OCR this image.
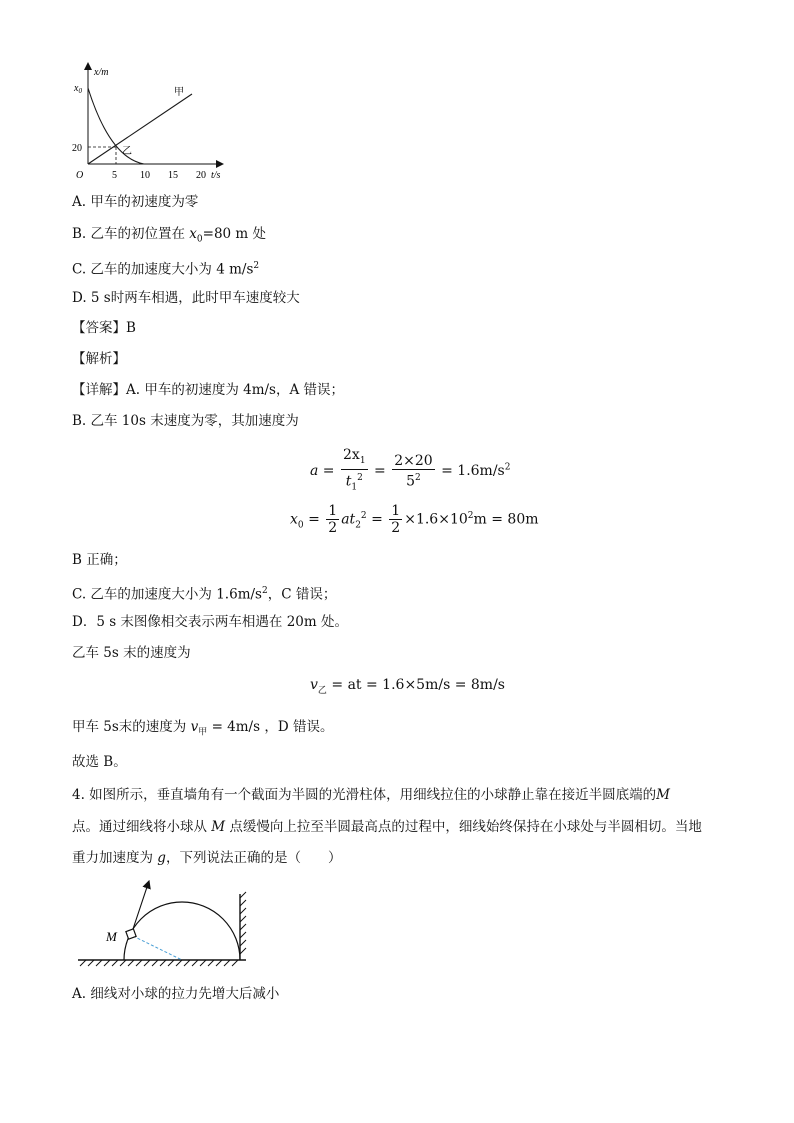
x/m
t/s
O
$x_0$
20
5 10 15 20
甲
乙
A. 甲车的初速度为零
B. 乙车的初位置在 $x_0=80$ m 处
C. 乙车的加速度大小为 4 $m/s^2$
D. 5 s时两车相遇，此时甲车速度较大
【答案】B
【解析】
【详解】A. 甲车的初速度为 4m/s，A 错误；
B. 乙车 10s 末速度为零，其加速度为
$a = \frac{2x_1}{t_1^2} = \frac{2\times 20}{5^2} = 1.6m/s^2$
$x_0 = \frac{1}{2} at_2^2 = \frac{1}{2} \times 1.6\times 10^2m = 80m$
B 正确；
C. 乙车的加速度大小为 $1.6m/s^2$，C 错误；
D．5 s 末图像相交表示两车相遇在 20m 处。
乙车 5s 末的速度为
$v_乙$ = at = 1.6×5m/s = 8m/s
甲车 5s末的速度为 $v_甲 = 4m/s$ ，D 错误。
故选 B。
4. 如图所示，垂直墙角有一个截面为半圆的光滑柱体，用细线拉住的小球静止靠在接近半圆底端的M
点。通过细线将小球从 M 点缓慢向上拉至半圆最高点的过程中，细线始终保持在小球处与半圆相切。当地
重力加速度为 g，下列说法正确的是（　　）
M
A. 细线对小球的拉力先增大后减小
